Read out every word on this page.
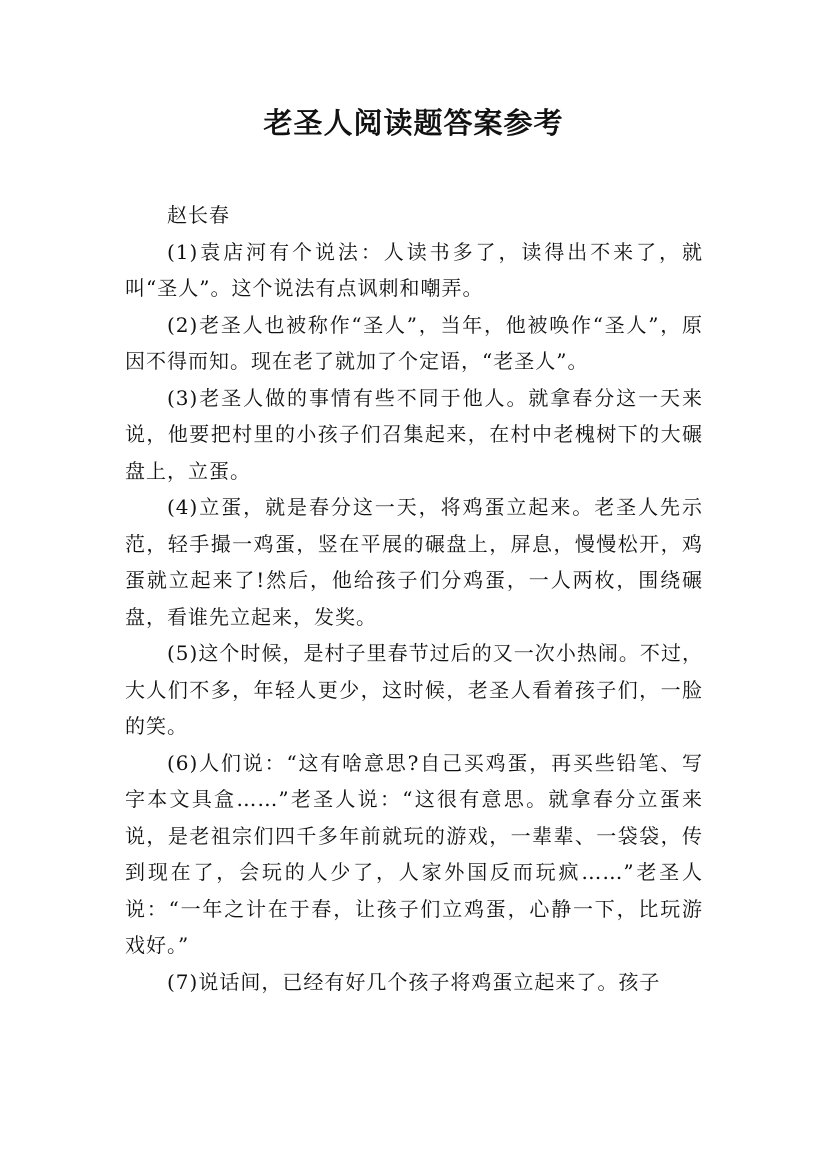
老圣人阅读题答案参考

赵长春

(1)袁店河有个说法：人读书多了，读得出不来了，就叫“圣人”。这个说法有点讽刺和嘲弄。

(2)老圣人也被称作“圣人”，当年，他被唤作“圣人”，原因不得而知。现在老了就加了个定语，“老圣人”。

(3)老圣人做的事情有些不同于他人。就拿春分这一天来说，他要把村里的小孩子们召集起来，在村中老槐树下的大碾盘上，立蛋。

(4)立蛋，就是春分这一天，将鸡蛋立起来。老圣人先示范，轻手撮一鸡蛋，竖在平展的碾盘上，屏息，慢慢松开，鸡蛋就立起来了!然后，他给孩子们分鸡蛋，一人两枚，围绕碾盘，看谁先立起来，发奖。

(5)这个时候，是村子里春节过后的又一次小热闹。不过，大人们不多，年轻人更少，这时候，老圣人看着孩子们，一脸的笑。

(6)人们说：“这有啥意思?自己买鸡蛋，再买些铅笔、写字本文具盒……”老圣人说：“这很有意思。就拿春分立蛋来说，是老祖宗们四千多年前就玩的游戏，一辈辈、一袋袋，传到现在了，会玩的人少了，人家外国反而玩疯……”老圣人说：“一年之计在于春，让孩子们立鸡蛋，心静一下，比玩游戏好。”

(7)说话间，已经有好几个孩子将鸡蛋立起来了。孩子
